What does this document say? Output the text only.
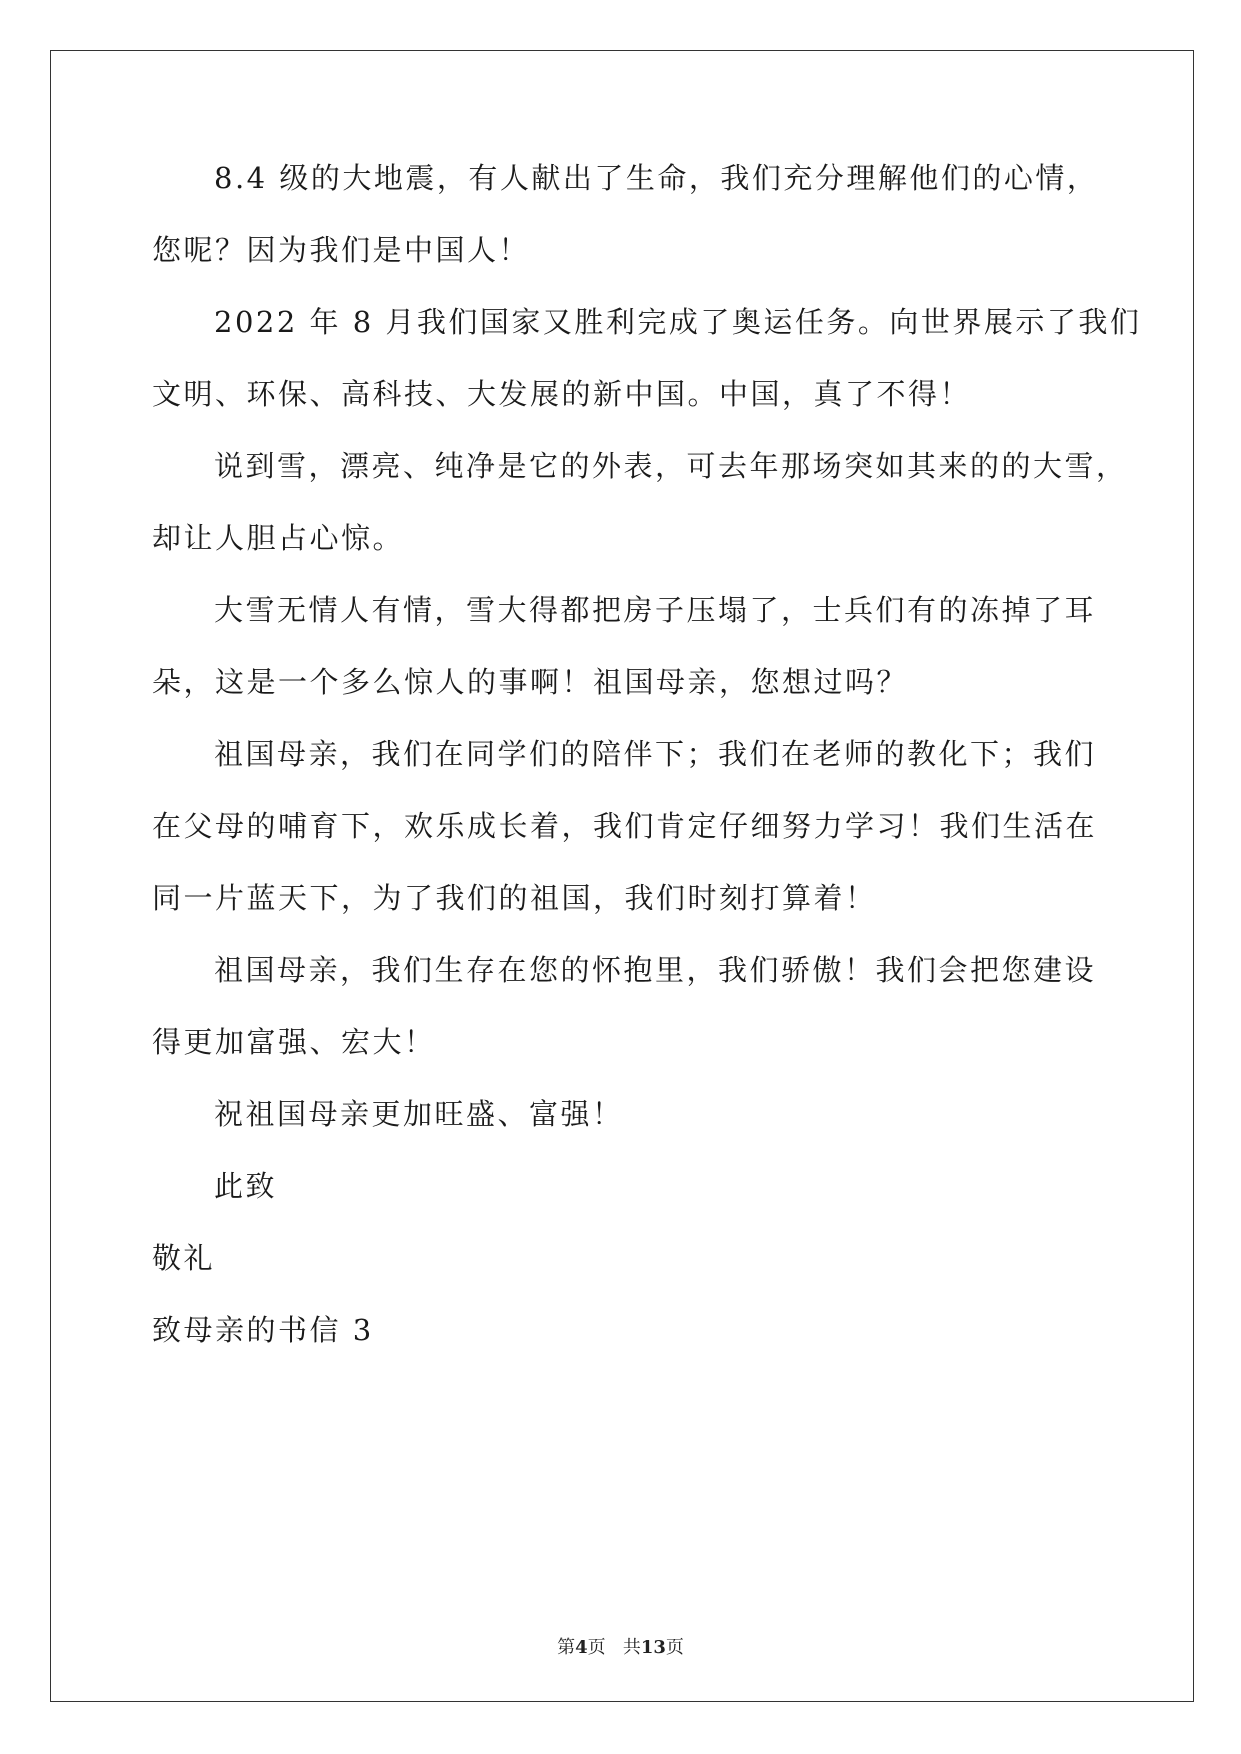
8.4 级的大地震，有人献出了生命，我们充分理解他们的心情，
您呢？因为我们是中国人！
2022 年 8 月我们国家又胜利完成了奥运任务。向世界展示了我们
文明、环保、高科技、大发展的新中国。中国，真了不得！
说到雪，漂亮、纯净是它的外表，可去年那场突如其来的的大雪，
却让人胆占心惊。
大雪无情人有情，雪大得都把房子压塌了，士兵们有的冻掉了耳
朵，这是一个多么惊人的事啊！祖国母亲，您想过吗？
祖国母亲，我们在同学们的陪伴下；我们在老师的教化下；我们
在父母的哺育下，欢乐成长着，我们肯定仔细努力学习！我们生活在
同一片蓝天下，为了我们的祖国，我们时刻打算着！
祖国母亲，我们生存在您的怀抱里，我们骄傲！我们会把您建设
得更加富强、宏大！
祝祖国母亲更加旺盛、富强！
此致
敬礼
致母亲的书信 3
第4页 共13页
